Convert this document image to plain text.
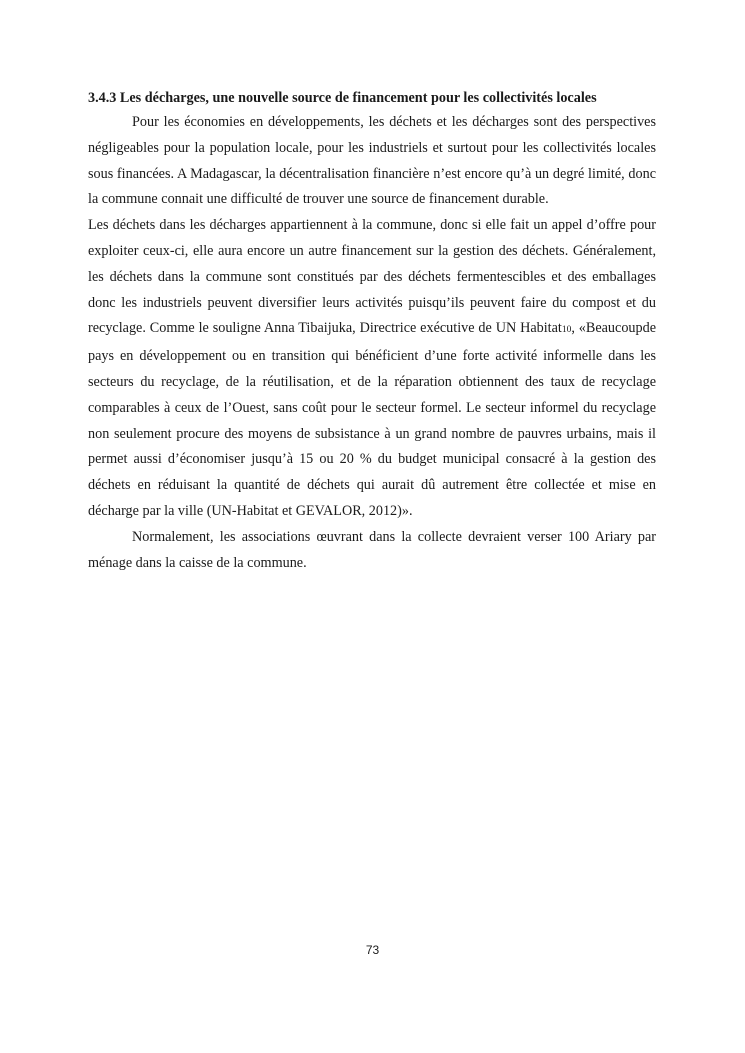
3.4.3 Les décharges, une nouvelle source de financement pour les collectivités locales

Pour les économies en développements, les déchets et les décharges sont des perspectives négligeables pour la population locale, pour les industriels et surtout pour les collectivités locales sous financées. A Madagascar, la décentralisation financière n’est encore qu’à un degré limité, donc la commune connait une difficulté de trouver une source de financement durable.

Les déchets dans les décharges appartiennent à la commune, donc si elle fait un appel d’offre pour exploiter ceux-ci, elle aura encore un autre financement sur la gestion des déchets. Généralement, les déchets dans la commune sont constitués par des déchets fermentescibles et des emballages donc les industriels peuvent diversifier leurs activités puisqu’ils peuvent faire du compost et du recyclage. Comme le souligne Anna Tibaijuka, Directrice exécutive de UN Habitat10, «Beaucoupde pays en développement ou en transition qui bénéficient d’une forte activité informelle dans les secteurs du recyclage, de la réutilisation, et de la réparation obtiennent des taux de recyclage comparables à ceux de l’Ouest, sans coût pour le secteur formel. Le secteur informel du recyclage non seulement procure des moyens de subsistance à un grand nombre de pauvres urbains, mais il permet aussi d’économiser jusqu’à 15 ou 20 % du budget municipal consacré à la gestion des déchets en réduisant la quantité de déchets qui aurait dû autrement être collectée et mise en décharge par la ville (UN-Habitat et GEVALOR, 2012)».

Normalement, les associations œuvrant dans la collecte devraient verser 100 Ariary par ménage dans la caisse de la commune.

73
